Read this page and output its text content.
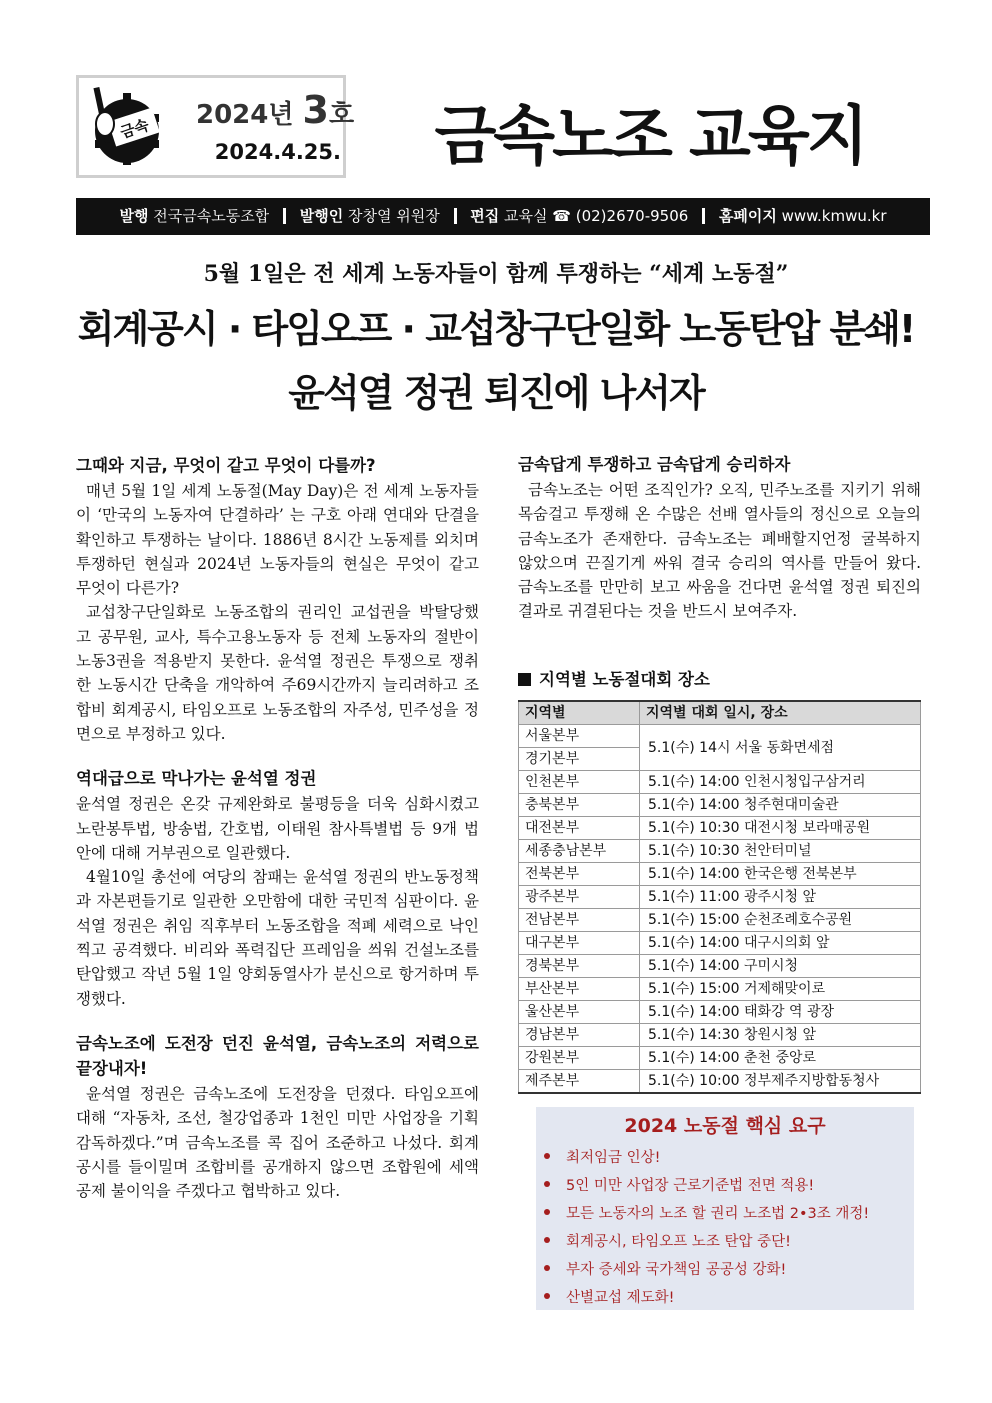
금속 2024년 3호
2024.4.25.	금속노조 교육지
발행 전국금속노동조합 발행인 장창열 위원장 편집 교육실 ☎ (02)2670-9506 홈페이지 www.kmwu.kr
5월 1일은 전 세계 노동자들이 함께 투쟁하는 “세계 노동절”
회계공시 · 타임오프 · 교섭창구단일화 노동탄압 분쇄!
윤석열 정권 퇴진에 나서자
그때와 지금, 무엇이 같고 무엇이 다를까?

매년 5월 1일 세계 노동절(May Day)은 전 세계 노동자들이 ‘만국의 노동자여 단결하라’ 는 구호 아래 연대와 단결을 확인하고 투쟁하는 날이다. 1886년 8시간 노동제를 외치며 투쟁하던 현실과 2024년 노동자들의 현실은 무엇이 같고 무엇이 다른가?

교섭창구단일화로 노동조합의 권리인 교섭권을 박탈당했고 공무원, 교사, 특수고용노동자 등 전체 노동자의 절반이 노동3권을 적용받지 못한다. 윤석열 정권은 투쟁으로 쟁취한 노동시간 단축을 개악하여 주69시간까지 늘리려하고 조합비 회계공시, 타임오프로 노동조합의 자주성, 민주성을 정면으로 부정하고 있다.

역대급으로 막나가는 윤석열 정권

윤석열 정권은 온갖 규제완화로 불평등을 더욱 심화시켰고 노란봉투법, 방송법, 간호법, 이태원 참사특별법 등 9개 법안에 대해 거부권으로 일관했다.

4월10일 총선에 여당의 참패는 윤석열 정권의 반노동정책과 자본편들기로 일관한 오만함에 대한 국민적 심판이다. 윤석열 정권은 취임 직후부터 노동조합을 적폐 세력으로 낙인찍고 공격했다. 비리와 폭력집단 프레임을 씌워 건설노조를 탄압했고 작년 5월 1일 양회동열사가 분신으로 항거하며 투쟁했다.

금속노조에 도전장 던진 윤석열, 금속노조의 저력으로 끝장내자!

윤석열 정권은 금속노조에 도전장을 던졌다. 타임오프에 대해 “자동차, 조선, 철강업종과 1천인 미만 사업장을 기획 감독하겠다.”며 금속노조를 콕 집어 조준하고 나섰다. 회계공시를 들이밀며 조합비를 공개하지 않으면 조합원에 세액공제 불이익을 주겠다고 협박하고 있다.

금속답게 투쟁하고 금속답게 승리하자

금속노조는 어떤 조직인가? 오직, 민주노조를 지키기 위해 목숨걸고 투쟁해 온 수많은 선배 열사들의 정신으로 오늘의 금속노조가 존재한다. 금속노조는 폐배할지언정 굴복하지 않았으며 끈질기게 싸워 결국 승리의 역사를 만들어 왔다. 금속노조를 만만히 보고 싸움을 건다면 윤석열 정권 퇴진의 결과로 귀결된다는 것을 반드시 보여주자.

지역별 노동절대회 장소
지역별	지역별 대회 일시, 장소
서울본부	5.1(수) 14시 서울 동화면세점
경기본부	
인천본부	5.1(수) 14:00 인천시청입구삼거리
충북본부	5.1(수) 14:00 청주현대미술관
대전본부	5.1(수) 10:30 대전시청 보라매공원
세종충남본부	5.1(수) 10:30 천안터미널
전북본부	5.1(수) 14:00 한국은행 전북본부
광주본부	5.1(수) 11:00 광주시청 앞
전남본부	5.1(수) 15:00 순천조례호수공원
대구본부	5.1(수) 14:00 대구시의회 앞
경북본부	5.1(수) 14:00 구미시청
부산본부	5.1(수) 15:00 거제해맞이로
울산본부	5.1(수) 14:00 태화강 역 광장
경남본부	5.1(수) 14:30 창원시청 앞
강원본부	5.1(수) 14:00 춘천 중앙로
제주본부	5.1(수) 10:00 정부제주지방합동청사
2024 노동절 핵심 요구
최저임금 인상!
5인 미만 사업장 근로기준법 전면 적용!
모든 노동자의 노조 할 권리 노조법 2•3조 개정!
회계공시, 타임오프 노조 탄압 중단!
부자 증세와 국가책임 공공성 강화!
산별교섭 제도화!
